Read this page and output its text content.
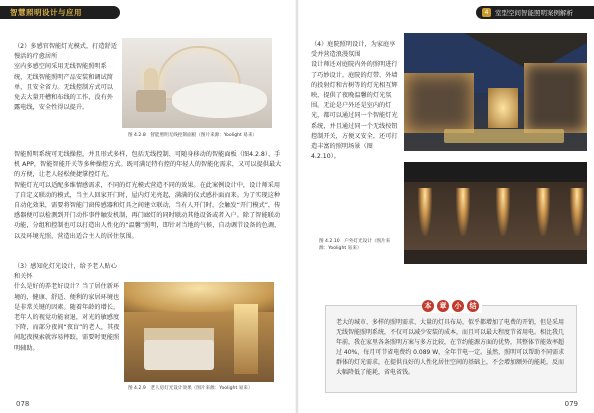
智慧照明设计与应用
（2）多感官智能灯光模式，打造舒适慢活的疗愈居所
室内多感空间采用无线智能照明系统，无线智能照明产品安装和调试简单，且安全省力。无线控制方式可以免去大量开槽和布线的工作，没有外露电线，安全性得以提升。
图 4.2.8　智能照明无线控制面板（图片来源：Yoolight 易来）
智能照明系统可无线操控，并且形式多样，包括无线控制、可随身移动的智能面板（图4.2.8）、手机 APP，智能智能开关等多种操控方式。既可满足特有控的年轻人的智能化需求，又可以提供最大的方便，让老人轻松便捷掌控灯光。
智能灯光可以适配多维情感需求，不同的灯光模式营造不同的效果。在此案例设计中，设计师采用了自定义联动的模式，当主人回家开门时，屋内灯光亮起，满满的仪式感扑面而来。为了实现这种自动化效果，需要将智能门窗传感器和灯具之间建立联动，当有人开门时，会触发“开门模式”，传感器便可以检测到开门动作事件触发机制，再门廊灯的同时联动其他设备或者入户。除了智能联动功能，分组和控制也可以打造出人性化的“温馨”照明，即针对当地的气候，自动调节设备的色调，以及环境光照，营造出适合主人的居住氛围。
（3）感知化灯光设计，给予老人贴心和关怀
什么是好的养老好设计？当了居住新环境的，健康、舒适、便利的家居环境也是非常关键的因素。随着年龄的增长，老年人的视觉功能衰退，对光的敏感度下降，而部分夜间“夜盲”的老人，其夜间起夜摸索就容易摔跤，需要时更能照明辅助。
图 4.2.9　老人房灯光设计效果（图片来源：Yoolight 易来）
078
4	室型空间智能照明案例解析
（4）庭院照明设计，为家庭享受并营造浪漫氛围
设计师还对庭院内外的照明进行了巧妙设计。庭院的灯带、外墙的投射灯和古树等的灯光相互辉映，提供了夜晚温馨的灯光氛围。无论是户外还是室内的灯光，都可以通过同一个智能灯光系统，并且通过同一个无线按钮控制开关，方便又安全，还可打造丰富的照明场景（图4.2.10）。
图 4.2.10　户外灯光设计（图片来源：Yoolight 易来）
本	章	小	结
老大的城市、多样的照明需求、大量的灯具布局，似乎都增加了电费的开销，但是采用无线智能照明系统，不仅可以减少安装的成本，而且可以最大程度节省用电。相比我几年前，我在家里各条照明方案与多方比较，在节约能源方面的优势，其整体节能效率超过 40%，每月可节省电费约 0.089 W，全年节电一定。虽然，照明可以帮助不同需求群体的灯光需求，在提供良好的人性化居住空间的基础上，不会增加额外的能耗，反而大幅降低了能耗，省电省钱。
079
